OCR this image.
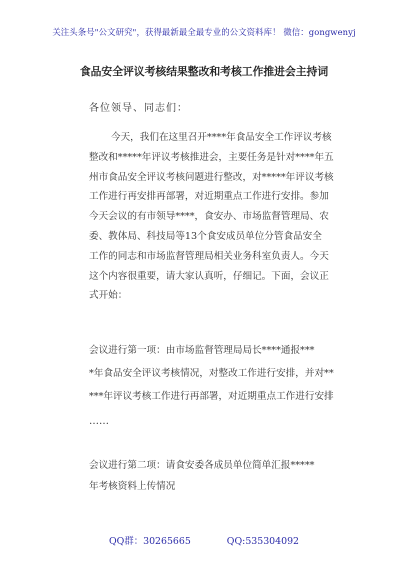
关注头条号"公文研究"，获得最新最全最专业的公文资料库！ 微信：gongwenyj
食品安全评议考核结果整改和考核工作推进会主持词
各位领导、同志们：
今天，我们在这里召开****年食品安全工作评议考核
整改和*****年评议考核推进会，主要任务是针对****年五
州市食品安全评议考核问题进行整改，对*****年评议考核
工作进行再安排再部署，对近期重点工作进行安排。参加
今天会议的有市领导****，食安办、市场监督管理局、农
委、教体局、科技局等13个食安成员单位分管食品安全
工作的同志和市场监督管理局相关业务科室负责人。今天
这个内容很重要，请大家认真听，仔细记。下面，会议正
式开始：
会议进行第一项：由市场监督管理局局长****通报***
*年食品安全评议考核情况，对整改工作进行安排，并对**
***年评议考核工作进行再部署，对近期重点工作进行安排
……
会议进行第二项：请食安委各成员单位简单汇报*****
年考核资料上传情况
QQ群：30265665	QQ:535304092
